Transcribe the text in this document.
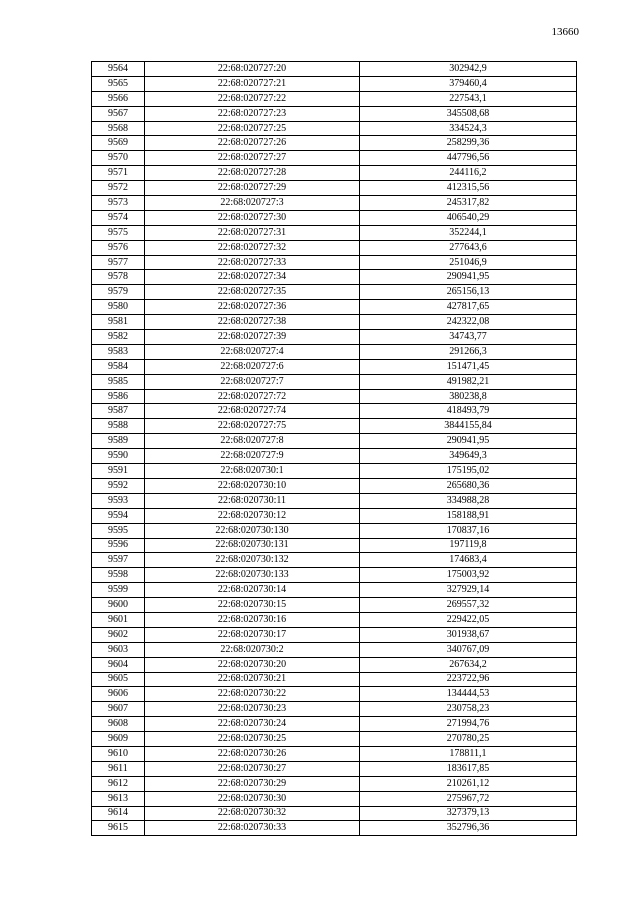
13660
9564	22:68:020727:20	302942,9
9565	22:68:020727:21	379460,4
9566	22:68:020727:22	227543,1
9567	22:68:020727:23	345508,68
9568	22:68:020727:25	334524,3
9569	22:68:020727:26	258299,36
9570	22:68:020727:27	447796,56
9571	22:68:020727:28	244116,2
9572	22:68:020727:29	412315,56
9573	22:68:020727:3	245317,82
9574	22:68:020727:30	406540,29
9575	22:68:020727:31	352244,1
9576	22:68:020727:32	277643,6
9577	22:68:020727:33	251046,9
9578	22:68:020727:34	290941,95
9579	22:68:020727:35	265156,13
9580	22:68:020727:36	427817,65
9581	22:68:020727:38	242322,08
9582	22:68:020727:39	34743,77
9583	22:68:020727:4	291266,3
9584	22:68:020727:6	151471,45
9585	22:68:020727:7	491982,21
9586	22:68:020727:72	380238,8
9587	22:68:020727:74	418493,79
9588	22:68:020727:75	3844155,84
9589	22:68:020727:8	290941,95
9590	22:68:020727:9	349649,3
9591	22:68:020730:1	175195,02
9592	22:68:020730:10	265680,36
9593	22:68:020730:11	334988,28
9594	22:68:020730:12	158188,91
9595	22:68:020730:130	170837,16
9596	22:68:020730:131	197119,8
9597	22:68:020730:132	174683,4
9598	22:68:020730:133	175003,92
9599	22:68:020730:14	327929,14
9600	22:68:020730:15	269557,32
9601	22:68:020730:16	229422,05
9602	22:68:020730:17	301938,67
9603	22:68:020730:2	340767,09
9604	22:68:020730:20	267634,2
9605	22:68:020730:21	223722,96
9606	22:68:020730:22	134444,53
9607	22:68:020730:23	230758,23
9608	22:68:020730:24	271994,76
9609	22:68:020730:25	270780,25
9610	22:68:020730:26	178811,1
9611	22:68:020730:27	183617,85
9612	22:68:020730:29	210261,12
9613	22:68:020730:30	275967,72
9614	22:68:020730:32	327379,13
9615	22:68:020730:33	352796,36
